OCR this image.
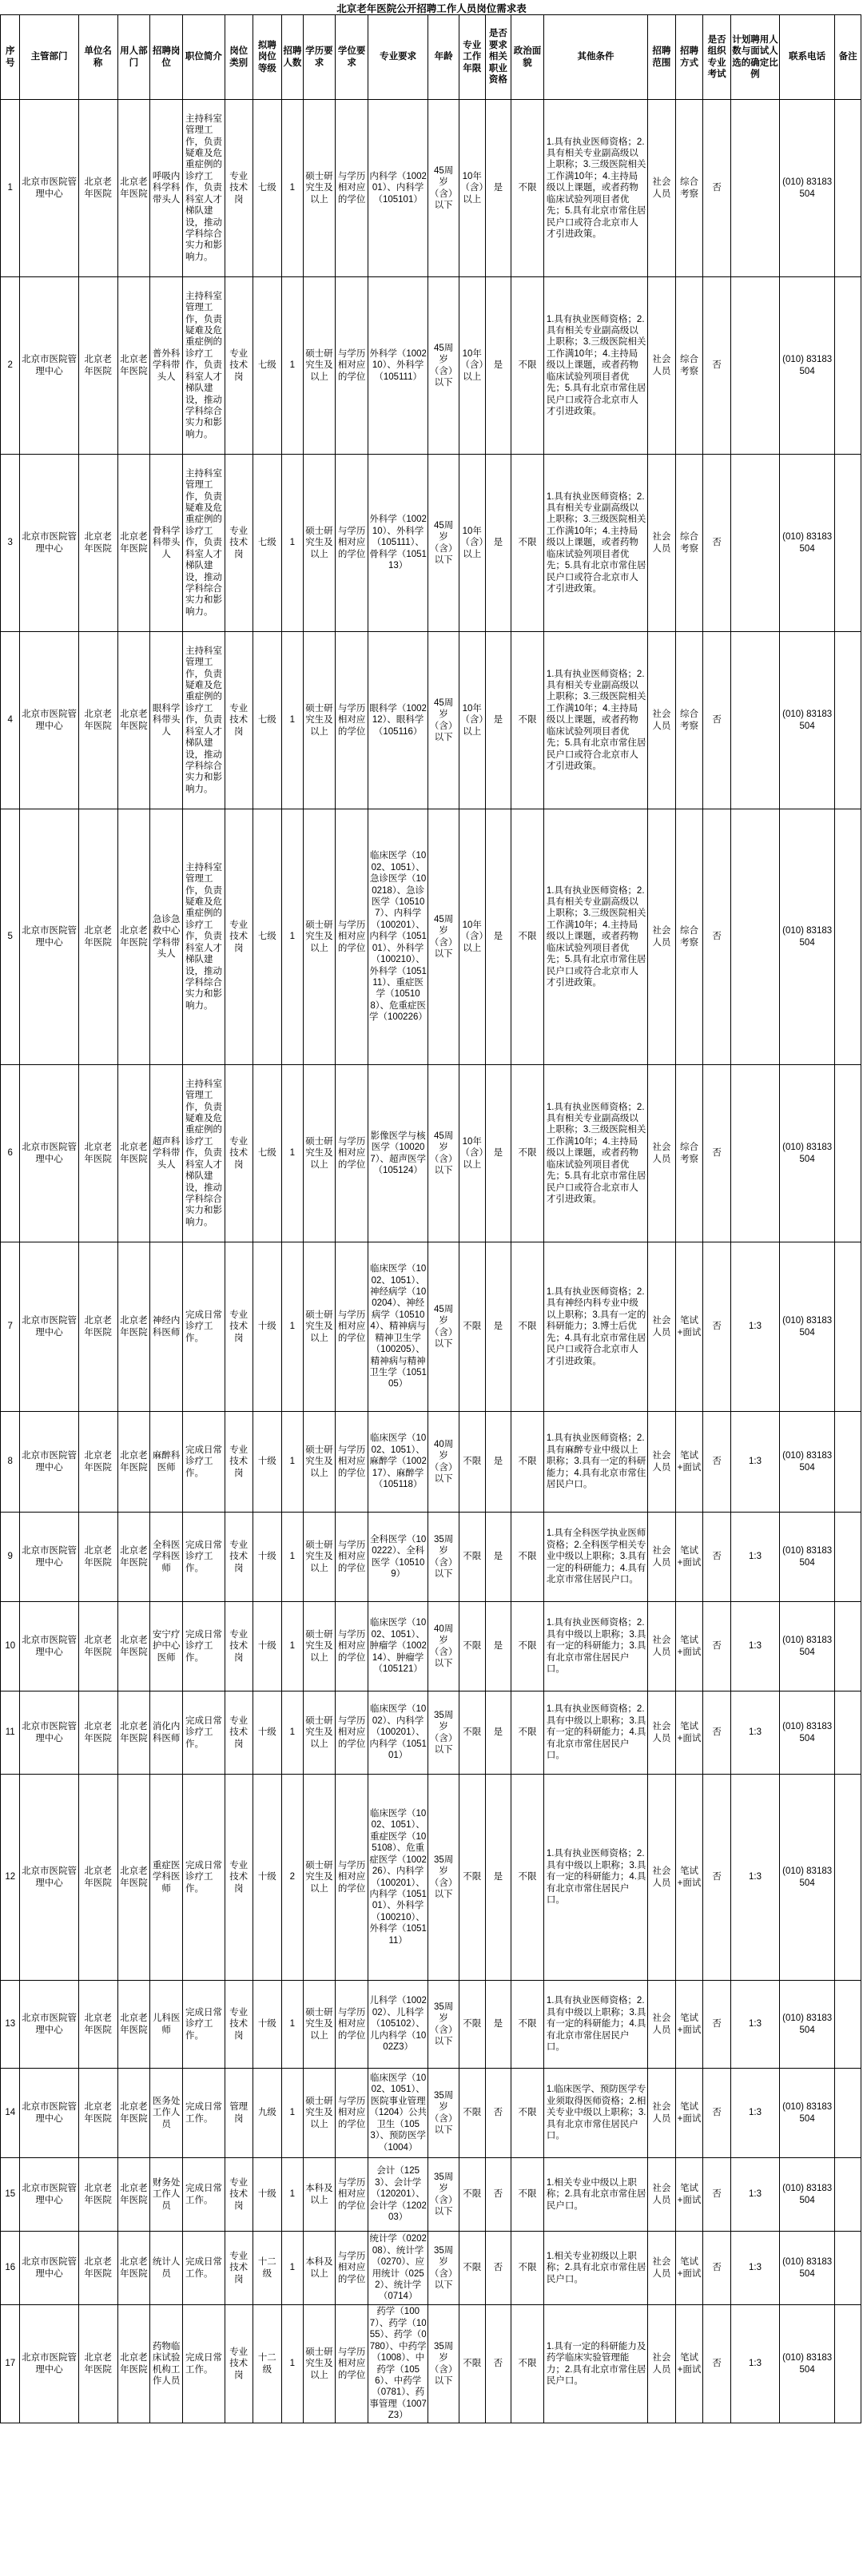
北京老年医院公开招聘工作人员岗位需求表
序号	主管部门	单位名称	用人部门	招聘岗位	职位简介	岗位类别	拟聘岗位等级	招聘人数	学历要求	学位要求	专业要求	年龄	专业工作年限	是否要求相关职业资格	政治面貌	其他条件	招聘范围	招聘方式	是否组织专业考试	计划聘用人数与面试人选的确定比例	联系电话	备注
1	北京市医院管理中心	北京老年医院	北京老年医院	呼吸内科学科带头人	主持科室管理工作，负责疑难及危重症例的诊疗工作，负责科室人才梯队建设，推动学科综合实力和影响力。	专业技术岗	七级	1	硕士研究生及以上	与学历相对应的学位	内科学（100201）、内科学（105101）	45周岁（含）以下	10年（含）以上	是	不限	1.具有执业医师资格；2.具有相关专业副高级以上职称；3.三级医院相关工作满10年；4.主持局级以上课题，或者药物临床试验列项目者优先；5.具有北京市常住居民户口或符合北京市人才引进政策。	社会人员	综合考察	否		(010) 83183504	
2	北京市医院管理中心	北京老年医院	北京老年医院	普外科学科带头人	主持科室管理工作，负责疑难及危重症例的诊疗工作，负责科室人才梯队建设，推动学科综合实力和影响力。	专业技术岗	七级	1	硕士研究生及以上	与学历相对应的学位	外科学（100210）、外科学（105111）	45周岁（含）以下	10年（含）以上	是	不限	1.具有执业医师资格；2.具有相关专业副高级以上职称；3.三级医院相关工作满10年；4.主持局级以上课题，或者药物临床试验列项目者优先；5.具有北京市常住居民户口或符合北京市人才引进政策。	社会人员	综合考察	否		(010) 83183504	
3	北京市医院管理中心	北京老年医院	北京老年医院	骨科学科带头人	主持科室管理工作，负责疑难及危重症例的诊疗工作，负责科室人才梯队建设，推动学科综合实力和影响力。	专业技术岗	七级	1	硕士研究生及以上	与学历相对应的学位	外科学（100210）、外科学（105111）、骨科学（105113）	45周岁（含）以下	10年（含）以上	是	不限	1.具有执业医师资格；2.具有相关专业副高级以上职称；3.三级医院相关工作满10年；4.主持局级以上课题，或者药物临床试验列项目者优先；5.具有北京市常住居民户口或符合北京市人才引进政策。	社会人员	综合考察	否		(010) 83183504	
4	北京市医院管理中心	北京老年医院	北京老年医院	眼科学科带头人	主持科室管理工作，负责疑难及危重症例的诊疗工作，负责科室人才梯队建设，推动学科综合实力和影响力。	专业技术岗	七级	1	硕士研究生及以上	与学历相对应的学位	眼科学（100212）、眼科学（105116）	45周岁（含）以下	10年（含）以上	是	不限	1.具有执业医师资格；2.具有相关专业副高级以上职称；3.三级医院相关工作满10年；4.主持局级以上课题，或者药物临床试验列项目者优先；5.具有北京市常住居民户口或符合北京市人才引进政策。	社会人员	综合考察	否		(010) 83183504	
5	北京市医院管理中心	北京老年医院	北京老年医院	急诊急救中心学科带头人	主持科室管理工作，负责疑难及危重症例的诊疗工作，负责科室人才梯队建设，推动学科综合实力和影响力。	专业技术岗	七级	1	硕士研究生及以上	与学历相对应的学位	临床医学（1002、1051）、急诊医学（100218）、急诊医学（105107）、内科学（100201）、内科学（105101）、外科学（100210）、外科学（105111）、重症医学（105108）、危重症医学（100226）	45周岁（含）以下	10年（含）以上	是	不限	1.具有执业医师资格；2.具有相关专业副高级以上职称；3.三级医院相关工作满10年；4.主持局级以上课题，或者药物临床试验列项目者优先；5.具有北京市常住居民户口或符合北京市人才引进政策。	社会人员	综合考察	否		(010) 83183504	
6	北京市医院管理中心	北京老年医院	北京老年医院	超声科学科带头人	主持科室管理工作，负责疑难及危重症例的诊疗工作，负责科室人才梯队建设，推动学科综合实力和影响力。	专业技术岗	七级	1	硕士研究生及以上	与学历相对应的学位	影像医学与核医学（100207）、超声医学（105124）	45周岁（含）以下	10年（含）以上	是	不限	1.具有执业医师资格；2.具有相关专业副高级以上职称；3.三级医院相关工作满10年；4.主持局级以上课题，或者药物临床试验列项目者优先；5.具有北京市常住居民户口或符合北京市人才引进政策。	社会人员	综合考察	否		(010) 83183504	
7	北京市医院管理中心	北京老年医院	北京老年医院	神经内科医师	完成日常诊疗工作。	专业技术岗	十级	1	硕士研究生及以上	与学历相对应的学位	临床医学（1002、1051）、神经病学（100204）、神经病学（105104）、精神病与精神卫生学（100205）、精神病与精神卫生学（105105）	45周岁（含）以下	不限	是	不限	1.具有执业医师资格；2.具有神经内科专业中级以上职称；3.具有一定的科研能力；3.博士后优先；4.具有北京市常住居民户口或符合北京市人才引进政策。	社会人员	笔试+面试	否	1:3	(010) 83183504	
8	北京市医院管理中心	北京老年医院	北京老年医院	麻醉科医师	完成日常诊疗工作。	专业技术岗	十级	1	硕士研究生及以上	与学历相对应的学位	临床医学（1002、1051）、麻醉学（100217）、麻醉学（105118）	40周岁（含）以下	不限	是	不限	1.具有执业医师资格；2.具有麻醉专业中级以上职称；3.具有一定的科研能力；4.具有北京市常住居民户口。	社会人员	笔试+面试	否	1:3	(010) 83183504	
9	北京市医院管理中心	北京老年医院	北京老年医院	全科医学科医师	完成日常诊疗工作。	专业技术岗	十级	1	硕士研究生及以上	与学历相对应的学位	全科医学（100222）、全科医学（105109）	35周岁（含）以下	不限	是	不限	1.具有全科医学执业医师资格；2.全科医学相关专业中级以上职称；3.具有一定的科研能力；4.具有北京市常住居民户口。	社会人员	笔试+面试	否	1:3	(010) 83183504	
10	北京市医院管理中心	北京老年医院	北京老年医院	安宁疗护中心医师	完成日常诊疗工作。	专业技术岗	十级	1	硕士研究生及以上	与学历相对应的学位	临床医学（1002、1051）、肿瘤学（100214）、肿瘤学（105121）	40周岁（含）以下	不限	是	不限	1.具有执业医师资格；2.具有中级以上职称；3.具有一定的科研能力；3.具有北京市常住居民户口。	社会人员	笔试+面试	否	1:3	(010) 83183504	
11	北京市医院管理中心	北京老年医院	北京老年医院	消化内科医师	完成日常诊疗工作。	专业技术岗	十级	1	硕士研究生及以上	与学历相对应的学位	临床医学（1002）、内科学（100201）、内科学（105101）	35周岁（含）以下	不限	是	不限	1.具有执业医师资格；2.具有中级以上职称；3.具有一定的科研能力；4.具有北京市常住居民户口。	社会人员	笔试+面试	否	1:3	(010) 83183504	
12	北京市医院管理中心	北京老年医院	北京老年医院	重症医学科医师	完成日常诊疗工作。	专业技术岗	十级	2	硕士研究生及以上	与学历相对应的学位	临床医学（1002、1051）、重症医学（105108）、危重症医学（100226）、内科学（100201）、内科学（105101）、外科学（100210）、外科学（105111）	35周岁（含）以下	不限	是	不限	1.具有执业医师资格；2.具有中级以上职称；3.具有一定的科研能力；4.具有北京市常住居民户口。	社会人员	笔试+面试	否	1:3	(010) 83183504	
13	北京市医院管理中心	北京老年医院	北京老年医院	儿科医师	完成日常诊疗工作。	专业技术岗	十级	1	硕士研究生及以上	与学历相对应的学位	儿科学（100202）、儿科学（105102）、儿内科学（1002Z3）	35周岁（含）以下	不限	是	不限	1.具有执业医师资格；2.具有中级以上职称；3.具有一定的科研能力；4.具有北京市常住居民户口。	社会人员	笔试+面试	否	1:3	(010) 83183504	
14	北京市医院管理中心	北京老年医院	北京老年医院	医务处工作人员	完成日常工作。	管理岗	九级	1	硕士研究生及以上	与学历相对应的学位	临床医学（1002、1051）、医院事业管理（1204）公共卫生（1053）、预防医学（1004）	35周岁（含）以下	不限	否	不限	1.临床医学、预防医学专业须取得医师资格；2.相关专业中级以上职称；3.具有北京市常住居民户口。	社会人员	笔试+面试	否	1:3	(010) 83183504	
15	北京市医院管理中心	北京老年医院	北京老年医院	财务处工作人员	完成日常工作。	专业技术岗	十级	1	本科及以上	与学历相对应的学位	会计（1253）、会计学（120201）、会计学（120203）	35周岁（含）以下	不限	否	不限	1.相关专业中级以上职称；2.具有北京市常住居民户口。	社会人员	笔试+面试	否	1:3	(010) 83183504	
16	北京市医院管理中心	北京老年医院	北京老年医院	统计人员	完成日常工作。	专业技术岗	十二级	1	本科及以上	与学历相对应的学位	统计学（020208）、统计学（0270）、应用统计（0252）、统计学（0714）	35周岁（含）以下	不限	否	不限	1.相关专业初级以上职称；2.具有北京市常住居民户口。	社会人员	笔试+面试	否	1:3	(010) 83183504	
17	北京市医院管理中心	北京老年医院	北京老年医院	药物临床试验机构工作人员	完成日常工作。	专业技术岗	十二级	1	硕士研究生及以上	与学历相对应的学位	药学（1007）、药学（1055）、药学（0780）、中药学（1008）、中药学（1056）、中药学（0781）、药事管理（1007Z3）	35周岁（含）以下	不限	否	不限	1.具有一定的科研能力及药学临床实验管理能力；2.具有北京市常住居民户口。	社会人员	笔试+面试	否	1:3	(010) 83183504	
